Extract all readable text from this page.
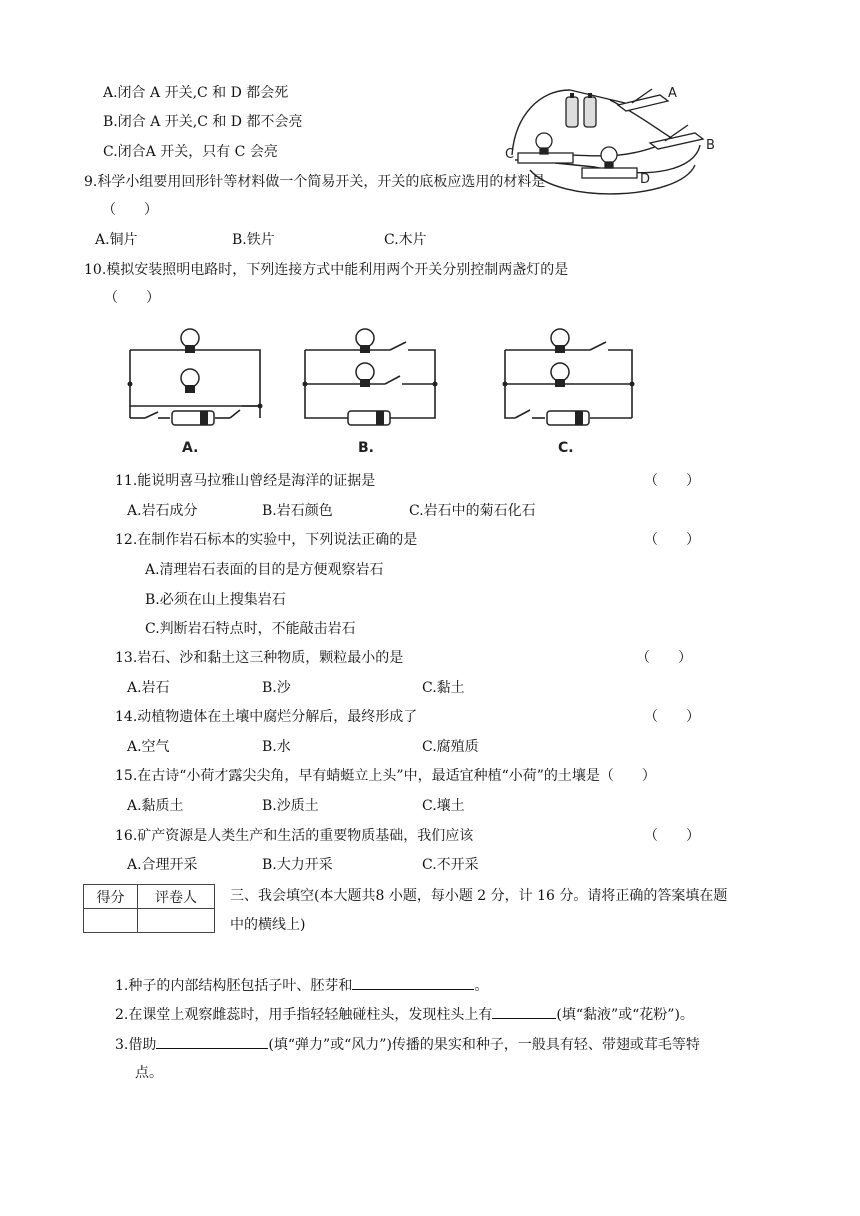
A.闭合 A 开关,C 和 D 都会死
B.闭合 A 开关,C 和 D 都不会亮
C.闭合A 开关，只有 C 会亮
A
B
C
D
9.科学小组要用回形针等材料做一个简易开关，开关的底板应选用的材料是
（　　）
A.铜片	B.铁片	C.木片
10.模拟安装照明电路时，下列连接方式中能利用两个开关分别控制两盏灯的是
（　　）
A.	B.	C.
11.能说明喜马拉雅山曾经是海洋的证据是	（　　）
A.岩石成分	B.岩石颜色	C.岩石中的菊石化石
12.在制作岩石标本的实验中，下列说法正确的是	（　　）
A.清理岩石表面的目的是方便观察岩石
B.必须在山上搜集岩石
C.判断岩石特点时，不能敲击岩石
13.岩石、沙和黏土这三种物质，颗粒最小的是	（　　）
A.岩石	B.沙	C.黏土
14.动植物遗体在土壤中腐烂分解后，最终形成了	（　　）
A.空气	B.水	C.腐殖质
15.在古诗“小荷才露尖尖角，早有蜻蜓立上头”中，最适宜种植“小荷”的土壤是（　　）
A.黏质土	B.沙质土	C.壤土
16.矿产资源是人类生产和生活的重要物质基础，我们应该	（　　）
A.合理开采	B.大力开采	C.不开采
得分	评卷人
	三、我会填空(本大题共8 小题，每小题 2 分，计 16 分。请将正确的答案填在题
中的横线上)
1.种子的内部结构胚包括子叶、胚芽和	。
2.在课堂上观察雌蕊时，用手指轻轻触碰柱头，发现柱头上有	(填“黏液”或“花粉”)。
3.借助	(填“弹力”或“风力”)传播的果实和种子，一般具有轻、带翅或茸毛等特
点。
